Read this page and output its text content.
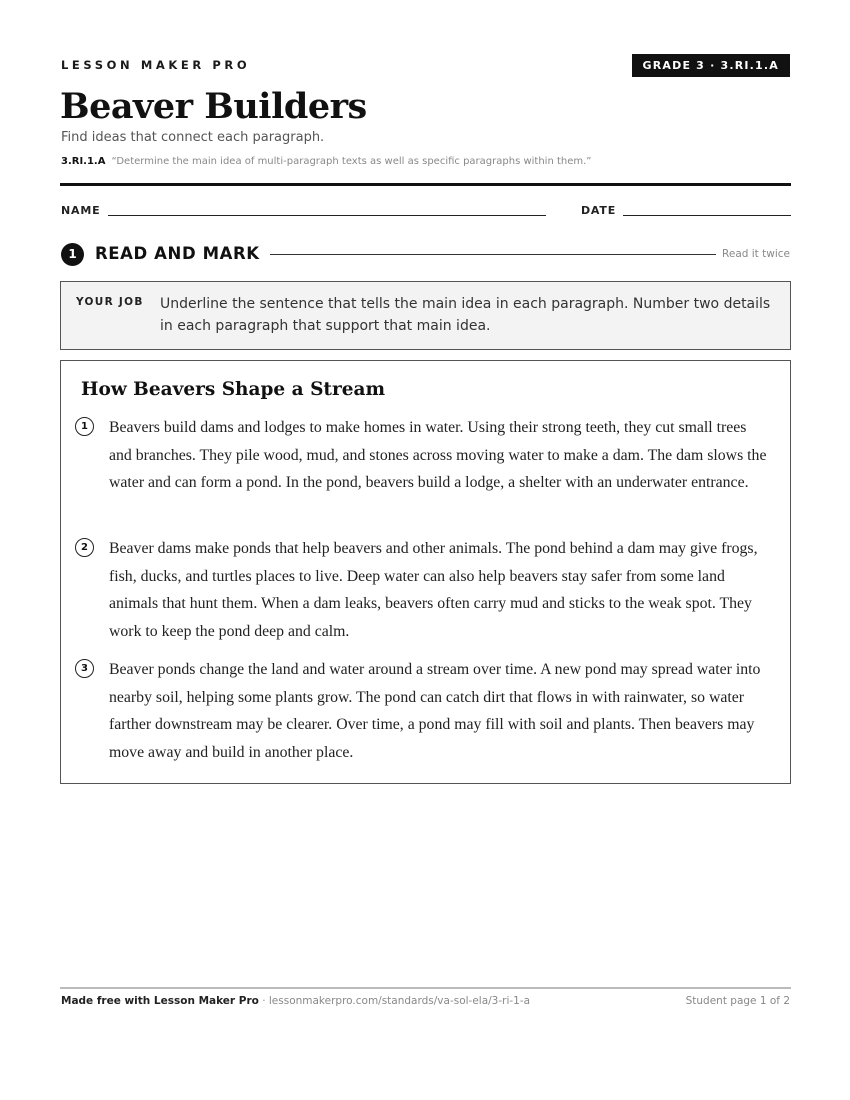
LESSON MAKER PRO	GRADE 3 · 3.RI.1.A
Beaver Builders
Find ideas that connect each paragraph.
3.RI.1.A “Determine the main idea of multi-paragraph texts as well as specific paragraphs within them.”
NAME	DATE
1	READ AND MARK	Read it twice
YOUR JOB Underline the sentence that tells the main idea in each paragraph. Number two details in each paragraph that support that main idea.
How Beavers Shape a Stream
1	Beavers build dams and lodges to make homes in water. Using their strong teeth, they cut small trees and branches. They pile wood, mud, and stones across moving water to make a dam. The dam slows the water and can form a pond. In the pond, beavers build a lodge, a shelter with an underwater entrance.

2	Beaver dams make ponds that help beavers and other animals. The pond behind a dam may give frogs, fish, ducks, and turtles places to live. Deep water can also help beavers stay safer from some land animals that hunt them. When a dam leaks, beavers often carry mud and sticks to the weak spot. They work to keep the pond deep and calm.

3	Beaver ponds change the land and water around a stream over time. A new pond may spread water into nearby soil, helping some plants grow. The pond can catch dirt that flows in with rainwater, so water farther downstream may be clearer. Over time, a pond may fill with soil and plants. Then beavers may move away and build in another place.

Made free with Lesson Maker Pro · lessonmakerpro.com/standards/va-sol-ela/3-ri-1-a	Student page 1 of 2
